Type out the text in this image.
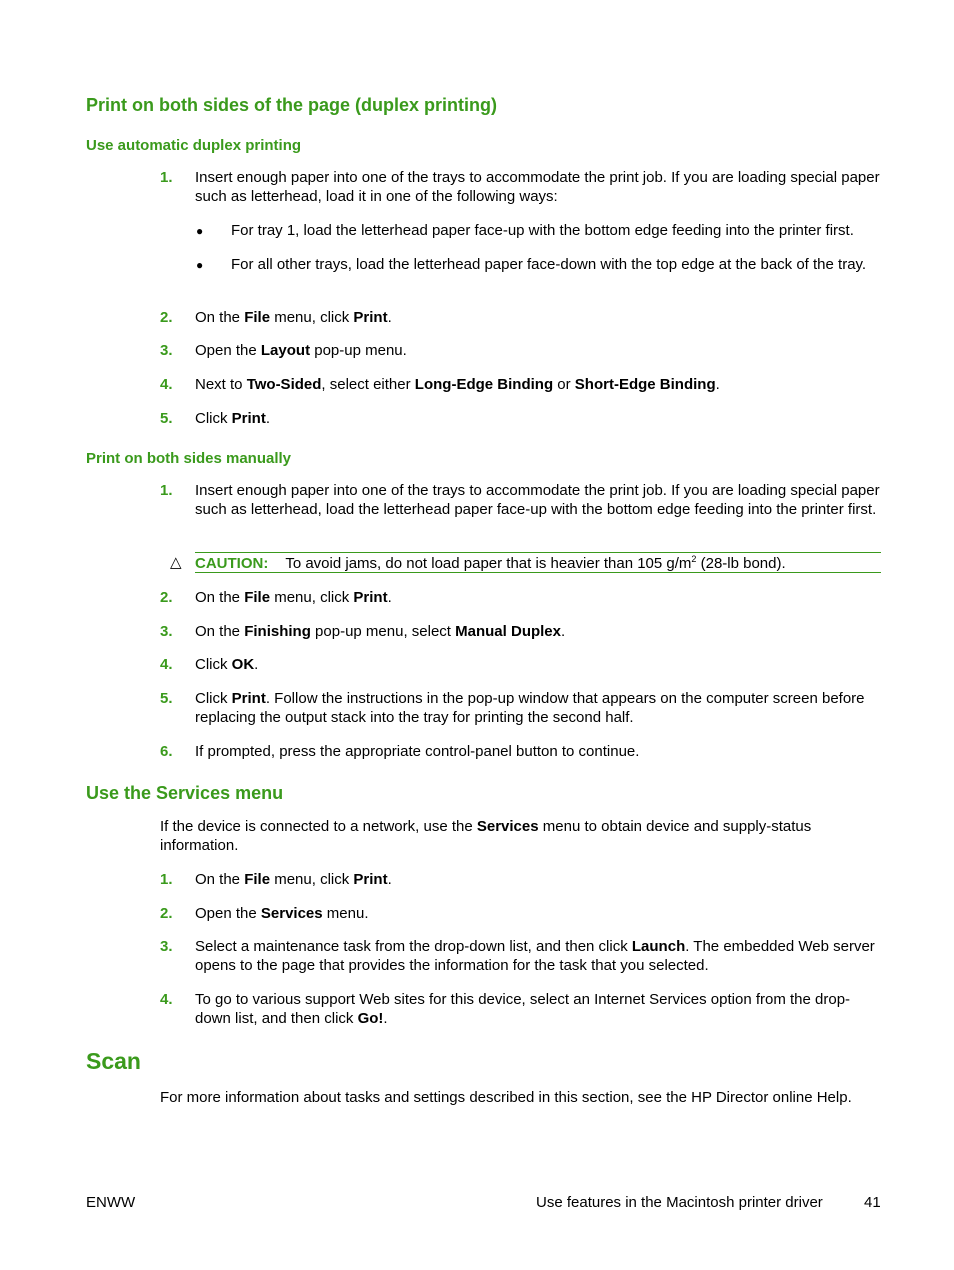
Print on both sides of the page (duplex printing)
Use automatic duplex printing
1. Insert enough paper into one of the trays to accommodate the print job. If you are loading special paper such as letterhead, load it in one of the following ways:
● For tray 1, load the letterhead paper face-up with the bottom edge feeding into the printer first.
● For all other trays, load the letterhead paper face-down with the top edge at the back of the tray.
2. On the File menu, click Print.
3. Open the Layout pop-up menu.
4. Next to Two-Sided, select either Long-Edge Binding or Short-Edge Binding.
5. Click Print.
Print on both sides manually
1. Insert enough paper into one of the trays to accommodate the print job. If you are loading special paper such as letterhead, load the letterhead paper face-up with the bottom edge feeding into the printer first.
△ CAUTION: To avoid jams, do not load paper that is heavier than 105 $g/m^2$ (28-lb bond).
2. On the File menu, click Print.
3. On the Finishing pop-up menu, select Manual Duplex.
4. Click OK.
5. Click Print. Follow the instructions in the pop-up window that appears on the computer screen before replacing the output stack into the tray for printing the second half.
6. If prompted, press the appropriate control-panel button to continue.
Use the Services menu
If the device is connected to a network, use the Services menu to obtain device and supply-status information.
1. On the File menu, click Print.
2. Open the Services menu.
3. Select a maintenance task from the drop-down list, and then click Launch. The embedded Web server opens to the page that provides the information for the task that you selected.
4. To go to various support Web sites for this device, select an Internet Services option from the drop-down list, and then click Go!.
Scan
For more information about tasks and settings described in this section, see the HP Director online Help.
ENWW	Use features in the Macintosh printer driver	41
